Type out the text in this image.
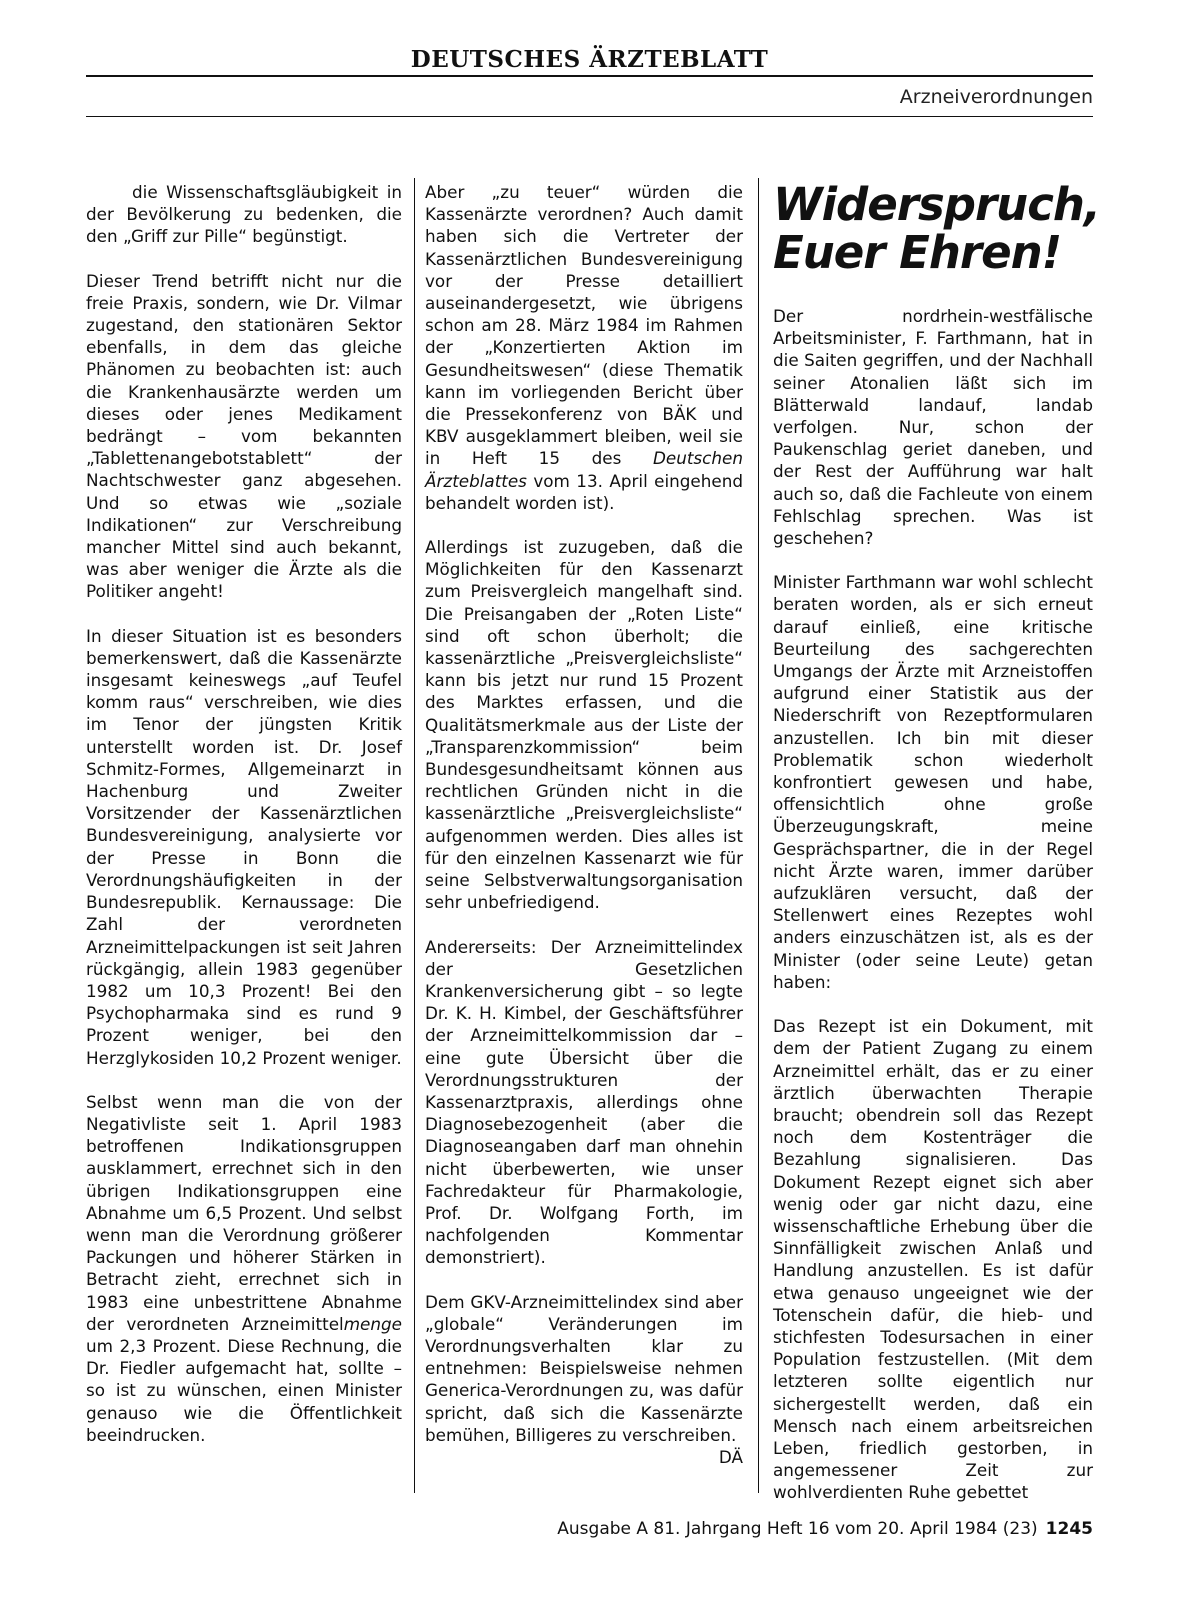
DEUTSCHES ÄRZTEBLATT
Arzneiverordnungen

die Wissenschaftsgläubigkeit in der Bevölkerung zu bedenken, die den „Griff zur Pille“ begünstigt.

Dieser Trend betrifft nicht nur die freie Praxis, sondern, wie Dr. Vilmar zugestand, den stationären Sektor ebenfalls, in dem das gleiche Phänomen zu beobachten ist: auch die Krankenhausärzte werden um dieses oder jenes Medikament bedrängt – vom bekannten „Tablettenangebotstablett“ der Nachtschwester ganz abgesehen. Und so etwas wie „soziale Indikationen“ zur Verschreibung mancher Mittel sind auch bekannt, was aber weniger die Ärzte als die Politiker angeht!

In dieser Situation ist es besonders bemerkenswert, daß die Kassenärzte insgesamt keineswegs „auf Teufel komm raus“ verschreiben, wie dies im Tenor der jüngsten Kritik unterstellt worden ist. Dr. Josef Schmitz-Formes, Allgemeinarzt in Hachenburg und Zweiter Vorsitzender der Kassenärztlichen Bundesvereinigung, analysierte vor der Presse in Bonn die Verordnungshäufigkeiten in der Bundesrepublik. Kernaussage: Die Zahl der verordneten Arzneimittelpackungen ist seit Jahren rückgängig, allein 1983 gegenüber 1982 um 10,3 Prozent! Bei den Psychopharmaka sind es rund 9 Prozent weniger, bei den Herzglykosiden 10,2 Prozent weniger.

Selbst wenn man die von der Negativliste seit 1. April 1983 betroffenen Indikationsgruppen ausklammert, errechnet sich in den übrigen Indikationsgruppen eine Abnahme um 6,5 Prozent. Und selbst wenn man die Verordnung größerer Packungen und höherer Stärken in Betracht zieht, errechnet sich in 1983 eine unbestrittene Abnahme der verordneten Arzneimittelmenge um 2,3 Prozent. Diese Rechnung, die Dr. Fiedler aufgemacht hat, sollte – so ist zu wünschen, einen Minister genauso wie die Öffentlichkeit beeindrucken.

Aber „zu teuer“ würden die Kassenärzte verordnen? Auch damit haben sich die Vertreter der Kassenärztlichen Bundesvereinigung vor der Presse detailliert auseinandergesetzt, wie übrigens schon am 28. März 1984 im Rahmen der „Konzertierten Aktion im Gesundheitswesen“ (diese Thematik kann im vorliegenden Bericht über die Pressekonferenz von BÄK und KBV ausgeklammert bleiben, weil sie in Heft 15 des Deutschen Ärzteblattes vom 13. April eingehend behandelt worden ist).

Allerdings ist zuzugeben, daß die Möglichkeiten für den Kassenarzt zum Preisvergleich mangelhaft sind. Die Preisangaben der „Roten Liste“ sind oft schon überholt; die kassenärztliche „Preisvergleichsliste“ kann bis jetzt nur rund 15 Prozent des Marktes erfassen, und die Qualitätsmerkmale aus der Liste der „Transparenzkommission“ beim Bundesgesundheitsamt können aus rechtlichen Gründen nicht in die kassenärztliche „Preisvergleichsliste“ aufgenommen werden. Dies alles ist für den einzelnen Kassenarzt wie für seine Selbstverwaltungsorganisation sehr unbefriedigend.

Andererseits: Der Arzneimittelindex der Gesetzlichen Krankenversicherung gibt – so legte Dr. K. H. Kimbel, der Geschäftsführer der Arzneimittelkommission dar – eine gute Übersicht über die Verordnungsstrukturen der Kassenarztpraxis, allerdings ohne Diagnosebezogenheit (aber die Diagnoseangaben darf man ohnehin nicht überbewerten, wie unser Fachredakteur für Pharmakologie, Prof. Dr. Wolfgang Forth, im nachfolgenden Kommentar demonstriert).

Dem GKV-Arzneimittelindex sind aber „globale“ Veränderungen im Verordnungsverhalten klar zu entnehmen: Beispielsweise nehmen Generica-Verordnungen zu, was dafür spricht, daß sich die Kassenärzte bemühen, Billigeres zu verschreiben.
DÄ

Widerspruch,
Euer Ehren!

Der nordrhein-westfälische Arbeitsminister, F. Farthmann, hat in die Saiten gegriffen, und der Nachhall seiner Atonalien läßt sich im Blätterwald landauf, landab verfolgen. Nur, schon der Paukenschlag geriet daneben, und der Rest der Aufführung war halt auch so, daß die Fachleute von einem Fehlschlag sprechen. Was ist geschehen?

Minister Farthmann war wohl schlecht beraten worden, als er sich erneut darauf einließ, eine kritische Beurteilung des sachgerechten Umgangs der Ärzte mit Arzneistoffen aufgrund einer Statistik aus der Niederschrift von Rezeptformularen anzustellen. Ich bin mit dieser Problematik schon wiederholt konfrontiert gewesen und habe, offensichtlich ohne große Überzeugungskraft, meine Gesprächspartner, die in der Regel nicht Ärzte waren, immer darüber aufzuklären versucht, daß der Stellenwert eines Rezeptes wohl anders einzuschätzen ist, als es der Minister (oder seine Leute) getan haben:

Das Rezept ist ein Dokument, mit dem der Patient Zugang zu einem Arzneimittel erhält, das er zu einer ärztlich überwachten Therapie braucht; obendrein soll das Rezept noch dem Kostenträger die Bezahlung signalisieren. Das Dokument Rezept eignet sich aber wenig oder gar nicht dazu, eine wissenschaftliche Erhebung über die Sinnfälligkeit zwischen Anlaß und Handlung anzustellen. Es ist dafür etwa genauso ungeeignet wie der Totenschein dafür, die hieb- und stichfesten Todesursachen in einer Population festzustellen. (Mit dem letzteren sollte eigentlich nur sichergestellt werden, daß ein Mensch nach einem arbeitsreichen Leben, friedlich gestorben, in angemessener Zeit zur wohlverdienten Ruhe gebettet

Ausgabe A 81. Jahrgang Heft 16 vom 20. April 1984 (23) 1245
